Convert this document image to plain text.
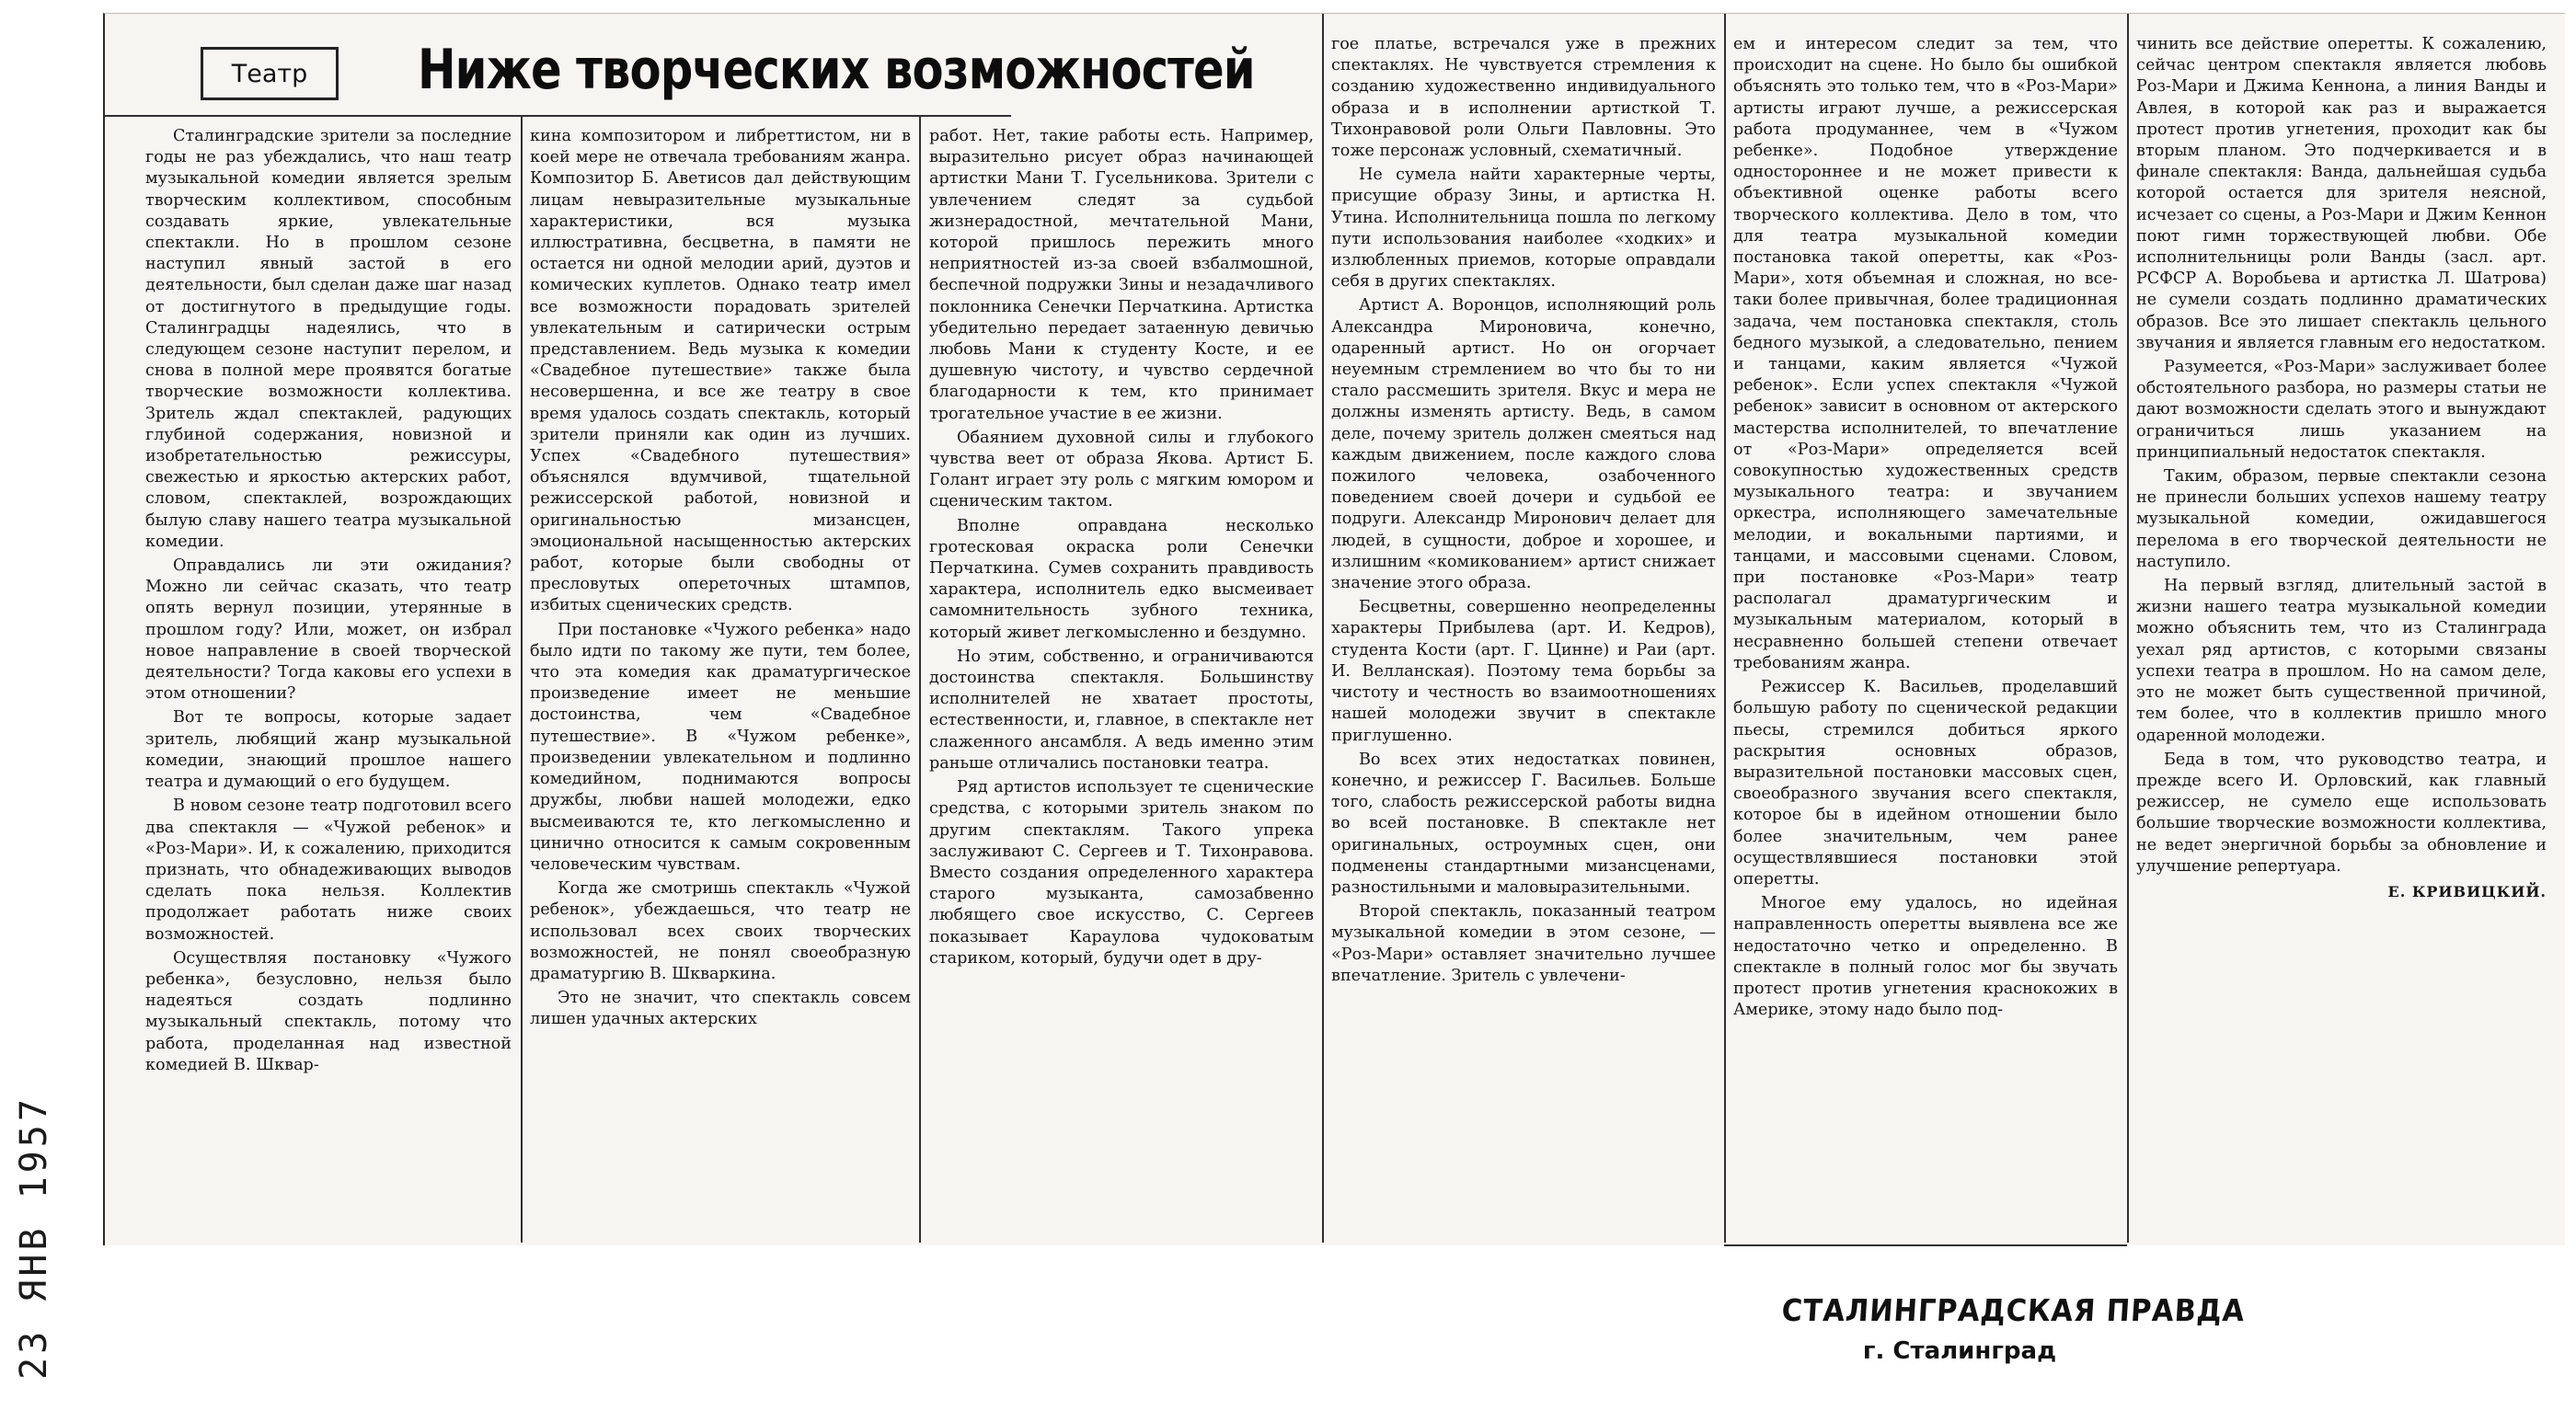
Театр	Ниже творческих возможностей

Сталинградские зрители за последние годы не раз убеждались, что наш театр музыкальной комедии является зрелым творческим коллективом, способным создавать яркие, увлекательные спектакли. Но в прошлом сезоне наступил явный застой в его деятельности, был сделан даже шаг назад от достигнутого в предыдущие годы. Сталинградцы надеялись, что в следующем сезоне наступит перелом, и снова в полной мере проявятся богатые творческие возможности коллектива. Зритель ждал спектаклей, радующих глубиной содержания, новизной и изобретательностью режиссуры, свежестью и яркостью актерских работ, словом, спектаклей, возрождающих былую славу нашего театра музыкальной комедии.

Оправдались ли эти ожидания? Можно ли сейчас сказать, что театр опять вернул позиции, утерянные в прошлом году? Или, может, он избрал новое направление в своей творческой деятельности? Тогда каковы его успехи в этом отношении?

Вот те вопросы, которые задает зритель, любящий жанр музыкальной комедии, знающий прошлое нашего театра и думающий о его будущем.

В новом сезоне театр подготовил всего два спектакля — «Чужой ребенок» и «Роз-Мари». И, к сожалению, приходится признать, что обнадеживающих выводов сделать пока нельзя. Коллектив продолжает работать ниже своих возможностей.

Осуществляя постановку «Чужого ребенка», безусловно, нельзя было надеяться создать подлинно музыкальный спектакль, потому что работа, проделанная над известной комедией В. Шквар-

кина композитором и либреттистом, ни в коей мере не отвечала требованиям жанра. Композитор Б. Аветисов дал действующим лицам невыразительные музыкальные характеристики, вся музыка иллюстративна, бесцветна, в памяти не остается ни одной мелодии арий, дуэтов и комических куплетов. Однако театр имел все возможности порадовать зрителей увлекательным и сатирически острым представлением. Ведь музыка к комедии «Свадебное путешествие» также была несовершенна, и все же театру в свое время удалось создать спектакль, который зрители приняли как один из лучших. Успех «Свадебного путешествия» объяснялся вдумчивой, тщательной режиссерской работой, новизной и оригинальностью мизансцен, эмоциональной насыщенностью актерских работ, которые были свободны от пресловутых опереточных штампов, избитых сценических средств.

При постановке «Чужого ребенка» надо было идти по такому же пути, тем более, что эта комедия как драматургическое произведение имеет не меньшие достоинства, чем «Свадебное путешествие». В «Чужом ребенке», произведении увлекательном и подлинно комедийном, поднимаются вопросы дружбы, любви нашей молодежи, едко высмеиваются те, кто легкомысленно и цинично относится к самым сокровенным человеческим чувствам.

Когда же смотришь спектакль «Чужой ребенок», убеждаешься, что театр не использовал всех своих творческих возможностей, не понял своеобразную драматургию В. Шкваркина.

Это не значит, что спектакль совсем лишен удачных актерских

работ. Нет, такие работы есть. Например, выразительно рисует образ начинающей артистки Мани Т. Гусельникова. Зрители с увлечением следят за судьбой жизнерадостной, мечтательной Мани, которой пришлось пережить много неприятностей из-за своей взбалмошной, беспечной подружки Зины и незадачливого поклонника Сенечки Перчаткина. Артистка убедительно передает затаенную девичью любовь Мани к студенту Косте, и ее душевную чистоту, и чувство сердечной благодарности к тем, кто принимает трогательное участие в ее жизни.

Обаянием духовной силы и глубокого чувства веет от образа Якова. Артист Б. Голант играет эту роль с мягким юмором и сценическим тактом.

Вполне оправдана несколько гротесковая окраска роли Сенечки Перчаткина. Сумев сохранить правдивость характера, исполнитель едко высмеивает самомнительность зубного техника, который живет легкомысленно и бездумно.

Но этим, собственно, и ограничиваются достоинства спектакля. Большинству исполнителей не хватает простоты, естественности, и, главное, в спектакле нет слаженного ансамбля. А ведь именно этим раньше отличались постановки театра.

Ряд артистов использует те сценические средства, с которыми зритель знаком по другим спектаклям. Такого упрека заслуживают С. Сергеев и Т. Тихонравова. Вместо создания определенного характера старого музыканта, самозабвенно любящего свое искусство, С. Сергеев показывает Караулова чудоковатым стариком, который, будучи одет в дру-

гое платье, встречался уже в прежних спектаклях. Не чувствуется стремления к созданию художественно индивидуального образа и в исполнении артисткой Т. Тихонравовой роли Ольги Павловны. Это тоже персонаж условный, схематичный.

Не сумела найти характерные черты, присущие образу Зины, и артистка Н. Утина. Исполнительница пошла по легкому пути использования наиболее «ходких» и излюбленных приемов, которые оправдали себя в других спектаклях.

Артист А. Воронцов, исполняющий роль Александра Мироновича, конечно, одаренный артист. Но он огорчает неуемным стремлением во что бы то ни стало рассмешить зрителя. Вкус и мера не должны изменять артисту. Ведь, в самом деле, почему зритель должен смеяться над каждым движением, после каждого слова пожилого человека, озабоченного поведением своей дочери и судьбой ее подруги. Александр Миронович делает для людей, в сущности, доброе и хорошее, и излишним «комикованием» артист снижает значение этого образа.

Бесцветны, совершенно неопределенны характеры Прибылева (арт. И. Кедров), студента Кости (арт. Г. Цинне) и Раи (арт. И. Велланская). Поэтому тема борьбы за чистоту и честность во взаимоотношениях нашей молодежи звучит в спектакле приглушенно.

Во всех этих недостатках повинен, конечно, и режиссер Г. Васильев. Больше того, слабость режиссерской работы видна во всей постановке. В спектакле нет оригинальных, остроумных сцен, они подменены стандартными мизансценами, разностильными и маловыразительными.

Второй спектакль, показанный театром музыкальной комедии в этом сезоне, — «Роз-Мари» оставляет значительно лучшее впечатление. Зритель с увлечени-

ем и интересом следит за тем, что происходит на сцене. Но было бы ошибкой объяснять это только тем, что в «Роз-Мари» артисты играют лучше, а режиссерская работа продуманнее, чем в «Чужом ребенке». Подобное утверждение одностороннее и не может привести к объективной оценке работы всего творческого коллектива. Дело в том, что для театра музыкальной комедии постановка такой оперетты, как «Роз-Мари», хотя объемная и сложная, но все-таки более привычная, более традиционная задача, чем постановка спектакля, столь бедного музыкой, а следовательно, пением и танцами, каким является «Чужой ребенок». Если успех спектакля «Чужой ребенок» зависит в основном от актерского мастерства исполнителей, то впечатление от «Роз-Мари» определяется всей совокупностью художественных средств музыкального театра: и звучанием оркестра, исполняющего замечательные мелодии, и вокальными партиями, и танцами, и массовыми сценами. Словом, при постановке «Роз-Мари» театр располагал драматургическим и музыкальным материалом, который в несравненно большей степени отвечает требованиям жанра.

Режиссер К. Васильев, проделавший большую работу по сценической редакции пьесы, стремился добиться яркого раскрытия основных образов, выразительной постановки массовых сцен, своеобразного звучания всего спектакля, которое бы в идейном отношении было более значительным, чем ранее осуществлявшиеся постановки этой оперетты.

Многое ему удалось, но идейная направленность оперетты выявлена все же недостаточно четко и определенно. В спектакле в полный голос мог бы звучать протест против угнетения краснокожих в Америке, этому надо было под-

чинить все действие оперетты. К сожалению, сейчас центром спектакля является любовь Роз-Мари и Джима Кеннона, а линия Ванды и Авлея, в которой как раз и выражается протест против угнетения, проходит как бы вторым планом. Это подчеркивается и в финале спектакля: Ванда, дальнейшая судьба которой остается для зрителя неясной, исчезает со сцены, а Роз-Мари и Джим Кеннон поют гимн торжествующей любви. Обе исполнительницы роли Ванды (засл. арт. РСФСР А. Воробьева и артистка Л. Шатрова) не сумели создать подлинно драматических образов. Все это лишает спектакль цельного звучания и является главным его недостатком.

Разумеется, «Роз-Мари» заслуживает более обстоятельного разбора, но размеры статьи не дают возможности сделать этого и вынуждают ограничиться лишь указанием на принципиальный недостаток спектакля.

Таким, образом, первые спектакли сезона не принесли больших успехов нашему театру музыкальной комедии, ожидавшегося перелома в его творческой деятельности не наступило.

На первый взгляд, длительный застой в жизни нашего театра музыкальной комедии можно объяснить тем, что из Сталинграда уехал ряд артистов, с которыми связаны успехи театра в прошлом. Но на самом деле, это не может быть существенной причиной, тем более, что в коллектив пришло много одаренной молодежи.

Беда в том, что руководство театра, и прежде всего И. Орловский, как главный режиссер, не сумело еще использовать большие творческие возможности коллектива, не ведет энергичной борьбы за обновление и улучшение репертуара.

Е. КРИВИЦКИЙ.
23 ЯНВ 1957	СТАЛИНГРАДСКАЯ ПРАВДА
г. Сталинград
